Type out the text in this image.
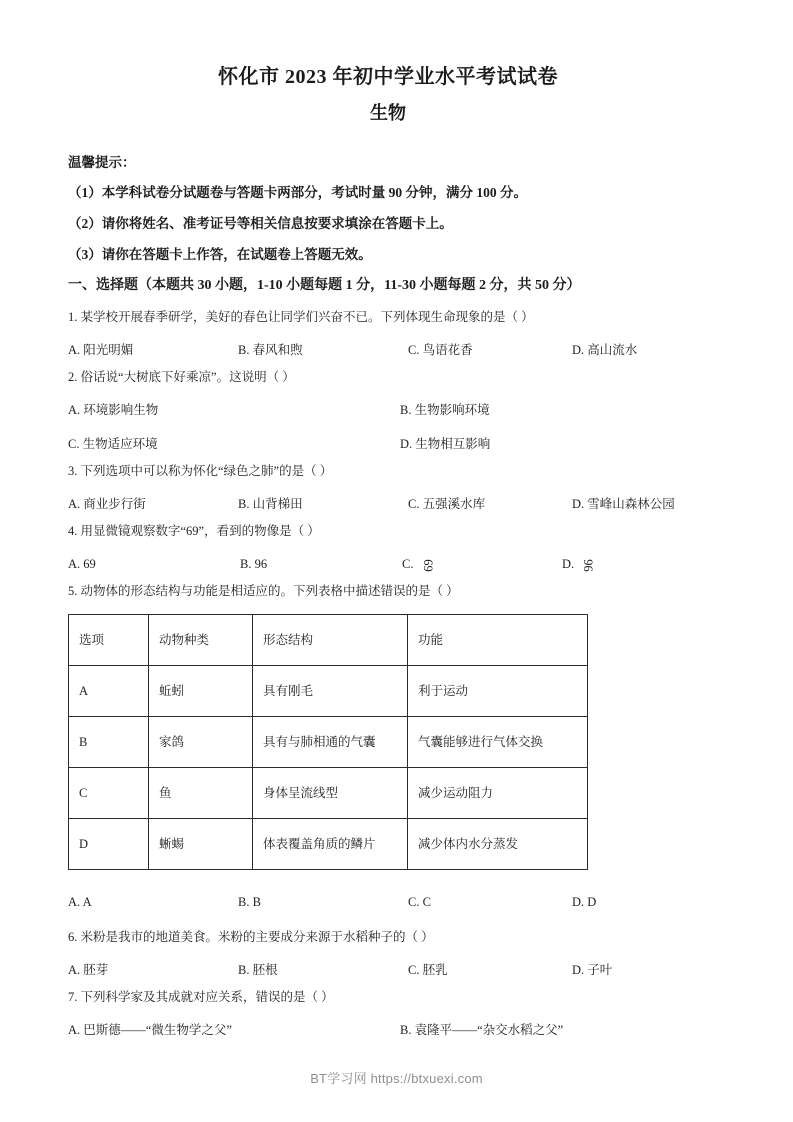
怀化市 2023 年初中学业水平考试试卷
生物
温馨提示：
（1）本学科试卷分试题卷与答题卡两部分，考试时量 90 分钟，满分 100 分。
（2）请你将姓名、准考证号等相关信息按要求填涂在答题卡上。
（3）请你在答题卡上作答，在试题卷上答题无效。
一、选择题（本题共 30 小题，1-10 小题每题 1 分，11-30 小题每题 2 分，共 50 分）
1. 某学校开展春季研学，美好的春色让同学们兴奋不已。下列体现生命现象的是（ ）
A. 阳光明媚	B. 春风和煦	C. 鸟语花香	D. 高山流水
2. 俗话说“大树底下好乘凉”。这说明（ ）
A. 环境影响生物	B. 生物影响环境
C. 生物适应环境	D. 生物相互影响
3. 下列选项中可以称为怀化“绿色之肺”的是（ ）
A. 商业步行街	B. 山背梯田	C. 五强溪水库	D. 雪峰山森林公园
4. 用显微镜观察数字“69”，看到的物像是（ ）
A. 69	B. 96	C. 69	D. 96
5. 动物体的形态结构与功能是相适应的。下列表格中描述错误的是（ ）
选项	动物种类	形态结构	功能
A	蚯蚓	具有刚毛	利于运动
B	家鸽	具有与肺相通的气囊	气囊能够进行气体交换
C	鱼	身体呈流线型	减少运动阻力
D	蜥蜴	体表覆盖角质的鳞片	减少体内水分蒸发
A. A	B. B	C. C	D. D
6. 米粉是我市的地道美食。米粉的主要成分来源于水稻种子的（ ）
A. 胚芽	B. 胚根	C. 胚乳	D. 子叶
7. 下列科学家及其成就对应关系，错误的是（ ）
A. 巴斯德——“微生物学之父”	B. 袁隆平——“杂交水稻之父”
BT学习网 https://btxuexi.com
